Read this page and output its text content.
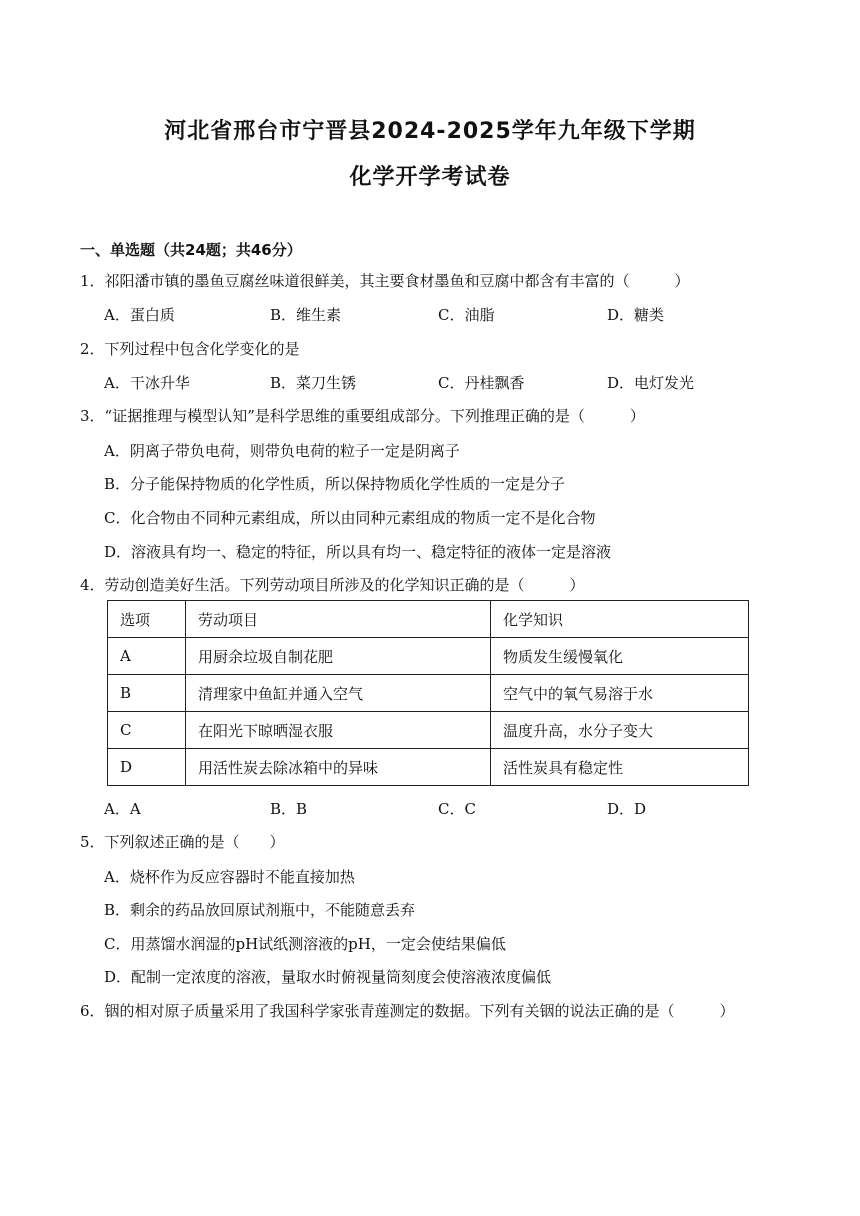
河北省邢台市宁晋县2024-2025学年九年级下学期
化学开学考试卷
一、单选题（共24题；共46分）
1．祁阳潘市镇的墨鱼豆腐丝味道很鲜美，其主要食材墨鱼和豆腐中都含有丰富的（　　　）
A．蛋白质	B．维生素	C．油脂	D．糖类
2．下列过程中包含化学变化的是
A．干冰升华	B．菜刀生锈	C．丹桂飘香	D．电灯发光
3．“证据推理与模型认知”是科学思维的重要组成部分。下列推理正确的是（　　　）
A．阴离子带负电荷，则带负电荷的粒子一定是阴离子
B．分子能保持物质的化学性质，所以保持物质化学性质的一定是分子
C．化合物由不同种元素组成，所以由同种元素组成的物质一定不是化合物
D．溶液具有均一、稳定的特征，所以具有均一、稳定特征的液体一定是溶液
4．劳动创造美好生活。下列劳动项目所涉及的化学知识正确的是（　　　）
选项	劳动项目	化学知识
A	用厨余垃圾自制花肥	物质发生缓慢氧化
B	清理家中鱼缸并通入空气	空气中的氧气易溶于水
C	在阳光下晾晒湿衣服	温度升高，水分子变大
D	用活性炭去除冰箱中的异味	活性炭具有稳定性
A．A	B．B	C．C	D．D
5．下列叙述正确的是（　　）
A．烧杯作为反应容器时不能直接加热
B．剩余的药品放回原试剂瓶中，不能随意丢弃
C．用蒸馏水润湿的pH试纸测溶液的pH，一定会使结果偏低
D．配制一定浓度的溶液，量取水时俯视量筒刻度会使溶液浓度偏低
6．铟的相对原子质量采用了我国科学家张青莲测定的数据。下列有关铟的说法正确的是（　　　）
